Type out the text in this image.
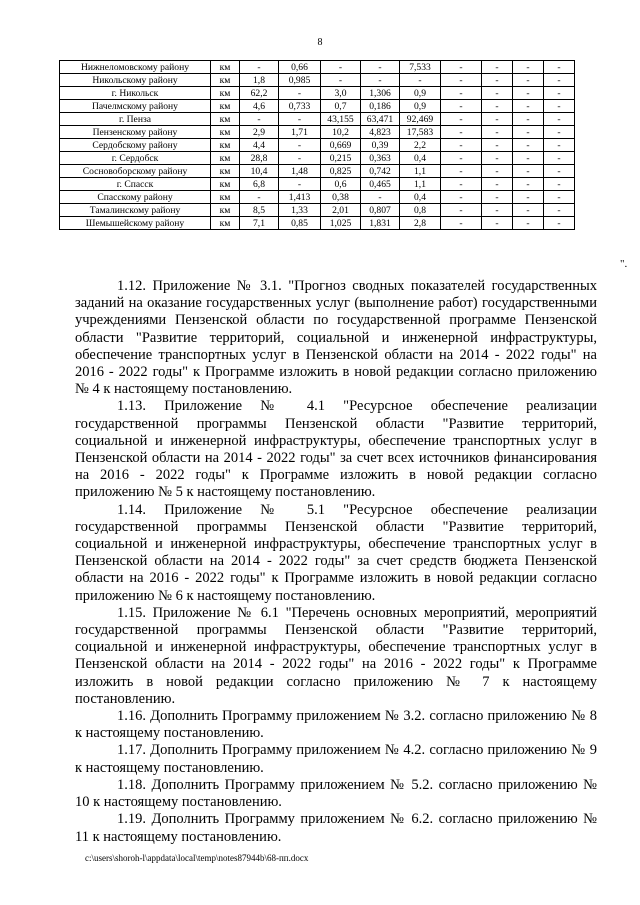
8
Нижнеломовскому району	км	-	0,66	-	-	7,533	-	-	-	-
Никольскому району	км	1,8	0,985	-	-	-	-	-	-	-
г. Никольск	км	62,2	-	3,0	1,306	0,9	-	-	-	-
Пачелмскому району	км	4,6	0,733	0,7	0,186	0,9	-	-	-	-
г. Пенза	км	-	-	43,155	63,471	92,469	-	-	-	-
Пензенскому району	км	2,9	1,71	10,2	4,823	17,583	-	-	-	-
Сердобскому району	км	4,4	-	0,669	0,39	2,2	-	-	-	-
г. Сердобск	км	28,8	-	0,215	0,363	0,4	-	-	-	-
Сосновоборскому району	км	10,4	1,48	0,825	0,742	1,1	-	-	-	-
г. Спасск	км	6,8	-	0,6	0,465	1,1	-	-	-	-
Спасскому району	км	-	1,413	0,38	-	0,4	-	-	-	-
Тамалинскому району	км	8,5	1,33	2,01	0,807	0,8	-	-	-	-
Шемышейскому району	км	7,1	0,85	1,025	1,831	2,8	-	-	-	-
".

1.12. Приложение № 3.1. "Прогноз сводных показателей государственных заданий на оказание государственных услуг (выполнение работ) государственными учреждениями Пензенской области по государственной программе Пензенской области "Развитие территорий, социальной и инженерной инфраструктуры, обеспечение транспортных услуг в Пензенской области на 2014 - 2022 годы" на 2016 - 2022 годы" к Программе изложить в новой редакции согласно приложению № 4 к настоящему постановлению.

1.13. Приложение № 4.1 "Ресурсное обеспечение реализации государственной программы Пензенской области "Развитие территорий, социальной и инженерной инфраструктуры, обеспечение транспортных услуг в Пензенской области на 2014 - 2022 годы" за счет всех источников финансирования на 2016 - 2022 годы" к Программе изложить в новой редакции согласно приложению № 5 к настоящему постановлению.

1.14. Приложение № 5.1 "Ресурсное обеспечение реализации государственной программы Пензенской области "Развитие территорий, социальной и инженерной инфраструктуры, обеспечение транспортных услуг в Пензенской области на 2014 - 2022 годы" за счет средств бюджета Пензенской области на 2016 - 2022 годы" к Программе изложить в новой редакции согласно приложению № 6 к настоящему постановлению.

1.15. Приложение № 6.1 "Перечень основных мероприятий, мероприятий государственной программы Пензенской области "Развитие территорий, социальной и инженерной инфраструктуры, обеспечение транспортных услуг в Пензенской области на 2014 - 2022 годы" на 2016 - 2022 годы" к Программе изложить в новой редакции согласно приложению № 7 к настоящему постановлению.

1.16. Дополнить Программу приложением № 3.2. согласно приложению № 8 к настоящему постановлению.

1.17. Дополнить Программу приложением № 4.2. согласно приложению № 9 к настоящему постановлению.

1.18. Дополнить Программу приложением № 5.2. согласно приложению № 10 к настоящему постановлению.

1.19. Дополнить Программу приложением № 6.2. согласно приложению № 11 к настоящему постановлению.

c:\users\shoroh-l\appdata\local\temp\notes87944b\68-пп.docx
